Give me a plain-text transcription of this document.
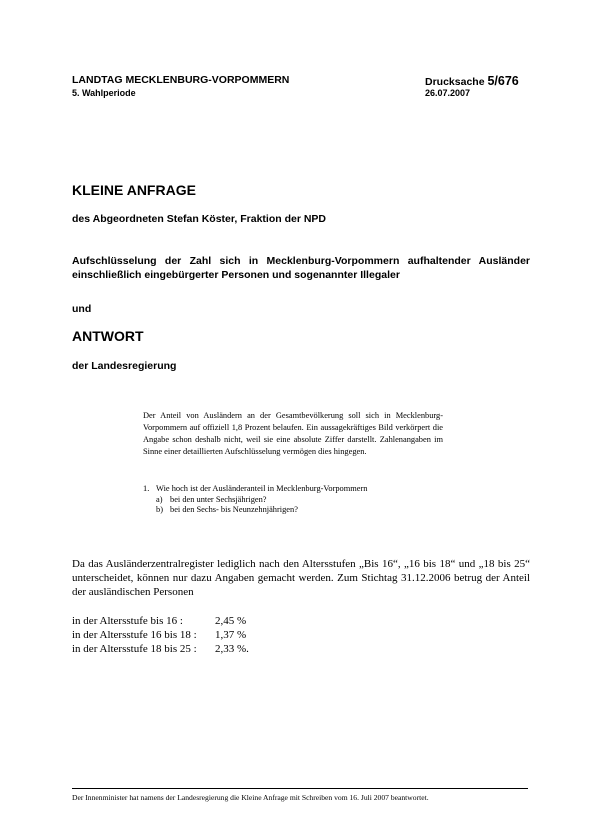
LANDTAG MECKLENBURG-VORPOMMERN
5. Wahlperiode
Drucksache 5/676
26.07.2007
KLEINE ANFRAGE
des Abgeordneten Stefan Köster, Fraktion der NPD
Aufschlüsselung der Zahl sich in Mecklenburg-Vorpommern aufhaltender Ausländer einschließlich eingebürgerter Personen und sogenannter Illegaler
und
ANTWORT
der Landesregierung
Der Anteil von Ausländern an der Gesamtbevölkerung soll sich in Mecklenburg-Vorpommern auf offiziell 1,8 Prozent belaufen. Ein aussagekräftiges Bild verkörpert die Angabe schon deshalb nicht, weil sie eine absolute Ziffer darstellt. Zahlenangaben im Sinne einer detaillierten Aufschlüsselung vermögen dies hingegen.
1. Wie hoch ist der Ausländeranteil in Mecklenburg-Vorpommern
a) bei den unter Sechsjährigen?
b) bei den Sechs- bis Neunzehnjährigen?
Da das Ausländerzentralregister lediglich nach den Altersstufen „Bis 16“, „16 bis 18“ und „18 bis 25“ unterscheidet, können nur dazu Angaben gemacht werden. Zum Stichtag 31.12.2006 betrug der Anteil der ausländischen Personen
in der Altersstufe bis 16 :	2,45 %
in der Altersstufe 16 bis 18 :	1,37 %
in der Altersstufe 18 bis 25 :	2,33 %.
Der Innenminister hat namens der Landesregierung die Kleine Anfrage mit Schreiben vom 16. Juli 2007 beantwortet.
